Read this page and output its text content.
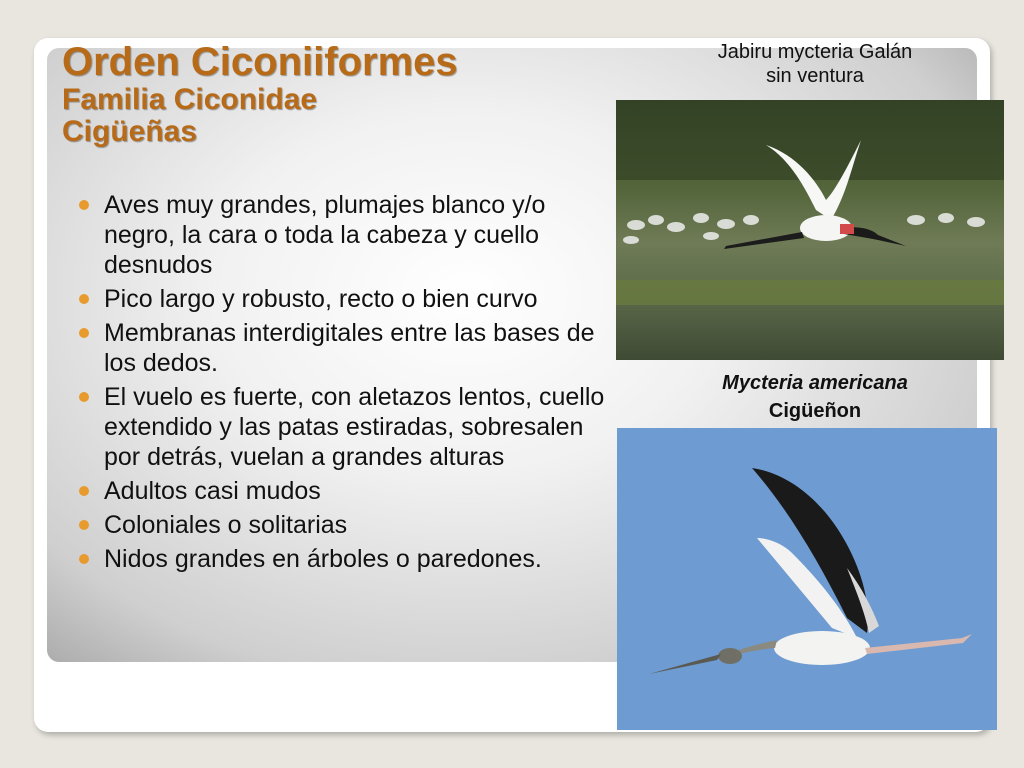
Orden Ciconiiformes
Familia Ciconidae
Cigüeñas
Aves muy grandes, plumajes blanco y/o negro, la cara o toda la cabeza y cuello desnudos
Pico largo y robusto, recto o bien curvo
Membranas interdigitales entre las bases de los dedos.
El vuelo es fuerte, con aletazos lentos, cuello extendido y las patas estiradas, sobresalen por detrás, vuelan a grandes alturas
Adultos casi mudos
Coloniales o solitarias
Nidos grandes en árboles o paredones.
Jabiru mycteria Galán
sin ventura
Mycteria americana
Cigüeñon
